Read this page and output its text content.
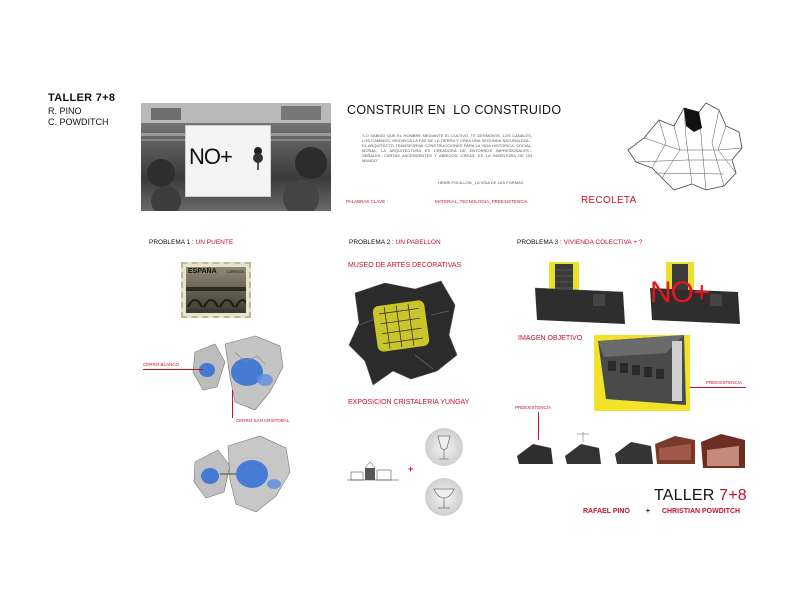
TALLER 7+8
R. PINO
C. POWDITCH
NO+
CONSTRUIR EN  LO CONSTRUIDO
"LO SABIDO QUE EL HOMBRE MEDIANTE EL CULTIVO, TE DESMONTE, LOS CANALES, LOS CAMINOS, MODIFICA LA FAZ DE LA TIERRA Y CREA UNA SEGUNDA NATURALEZA... EL ARQUITECTO TRANSFORMA CONSTRUCCIONES PARA LA VIDA HISTORICA, SOCIAL, MORAL, LA ARQUITECTURA ES CREADORA DE ENTORNOS IMPRESIONALES... SEÑALES, CARTAS ASCENDENTES Y ABRIGOS, CREAS, ES LA INVENTORA DE UN MUNDO"
HENRI FOCILLON _LA VIDA DE LAS FORMAS
PALABRAS CLAVE :	MATERIAL_TECNOLOGIA_PREEXISTENCIA	RECOLETA
PROBLEMA 1 : UN PUENTE	PROBLEMA 2 : UN PABELLON	PROBLEMA 3 : VIVIENDA COLECTIVA + ?
ESPAÑA	CORREOS
CERRO BLANCO
CERRO SAN CRISTOBAL
MUSEO DE ARTES DECORATIVAS
EXPOSICION CRISTALERIA YUNGAY
+
NO+
IMAGEN OBJETIVO
PREEXISTENCIA
PREEXISTENCIA
TALLER 7+8
RAFAEL PINO + CHRISTIAN POWDITCH
